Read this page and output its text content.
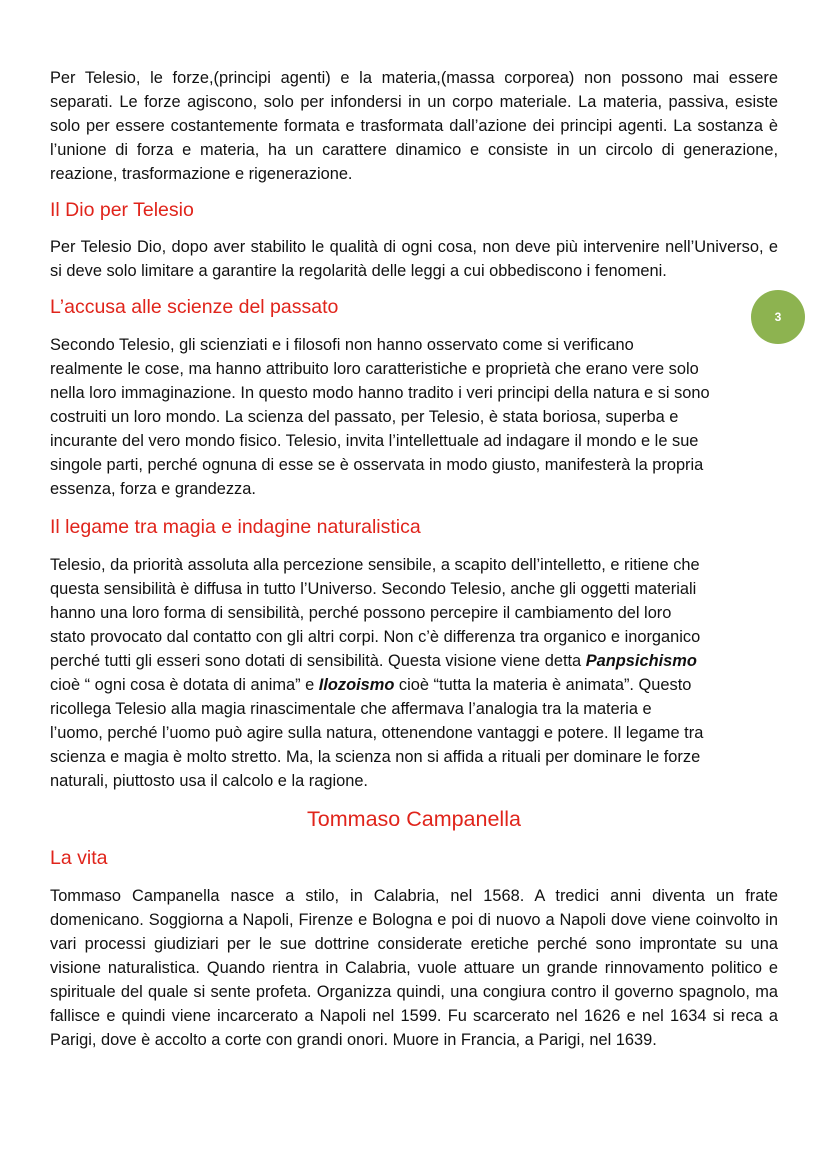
3

Per Telesio, le forze,(principi agenti) e la materia,(massa corporea) non possono mai essere separati. Le forze agiscono, solo per infondersi in un corpo materiale. La materia, passiva, esiste solo per essere costantemente formata e trasformata dall’azione dei principi agenti. La sostanza è l’unione di forza e materia, ha un carattere dinamico e consiste in un circolo di generazione, reazione, trasformazione e rigenerazione.

Il Dio per Telesio

Per Telesio Dio, dopo aver stabilito le qualità di ogni cosa, non deve più intervenire nell’Universo, e si deve solo limitare a garantire la regolarità delle leggi a cui obbediscono i fenomeni.

L’accusa alle scienze del passato

Secondo Telesio, gli scienziati e i filosofi non hanno osservato come si verificano
realmente le cose, ma hanno attribuito loro caratteristiche e proprietà che erano vere solo
nella loro immaginazione. In questo modo hanno tradito i veri principi della natura e si sono
costruiti un loro mondo. La scienza del passato, per Telesio, è stata boriosa, superba e
incurante del vero mondo fisico. Telesio, invita l’intellettuale ad indagare il mondo e le sue
singole parti, perché ognuna di esse se è osservata in modo giusto, manifesterà la propria
essenza, forza e grandezza.

Il legame tra magia e indagine naturalistica

Telesio, da priorità assoluta alla percezione sensibile, a scapito dell’intelletto, e ritiene che
questa sensibilità è diffusa in tutto l’Universo. Secondo Telesio, anche gli oggetti materiali
hanno una loro forma di sensibilità, perché possono percepire il cambiamento del loro
stato provocato dal contatto con gli altri corpi. Non c’è differenza tra organico e inorganico
perché tutti gli esseri sono dotati di sensibilità. Questa visione viene detta Panpsichismo
cioè “ ogni cosa è dotata di anima” e Ilozoismo cioè “tutta la materia è animata”. Questo
ricollega Telesio alla magia rinascimentale che affermava l’analogia tra la materia e
l’uomo, perché l’uomo può agire sulla natura, ottenendone vantaggi e potere. Il legame tra
scienza e magia è molto stretto. Ma, la scienza non si affida a rituali per dominare le forze
naturali, piuttosto usa il calcolo e la ragione.

Tommaso Campanella
La vita

Tommaso Campanella nasce a stilo, in Calabria, nel 1568. A tredici anni diventa un frate domenicano. Soggiorna a Napoli, Firenze e Bologna e poi di nuovo a Napoli dove viene coinvolto in vari processi giudiziari per le sue dottrine considerate eretiche perché sono improntate su una visione naturalistica. Quando rientra in Calabria, vuole attuare un grande rinnovamento politico e spirituale del quale si sente profeta. Organizza quindi, una congiura contro il governo spagnolo, ma fallisce e quindi viene incarcerato a Napoli nel 1599. Fu scarcerato nel 1626 e nel 1634 si reca a Parigi, dove è accolto a corte con grandi onori. Muore in Francia, a Parigi, nel 1639.
